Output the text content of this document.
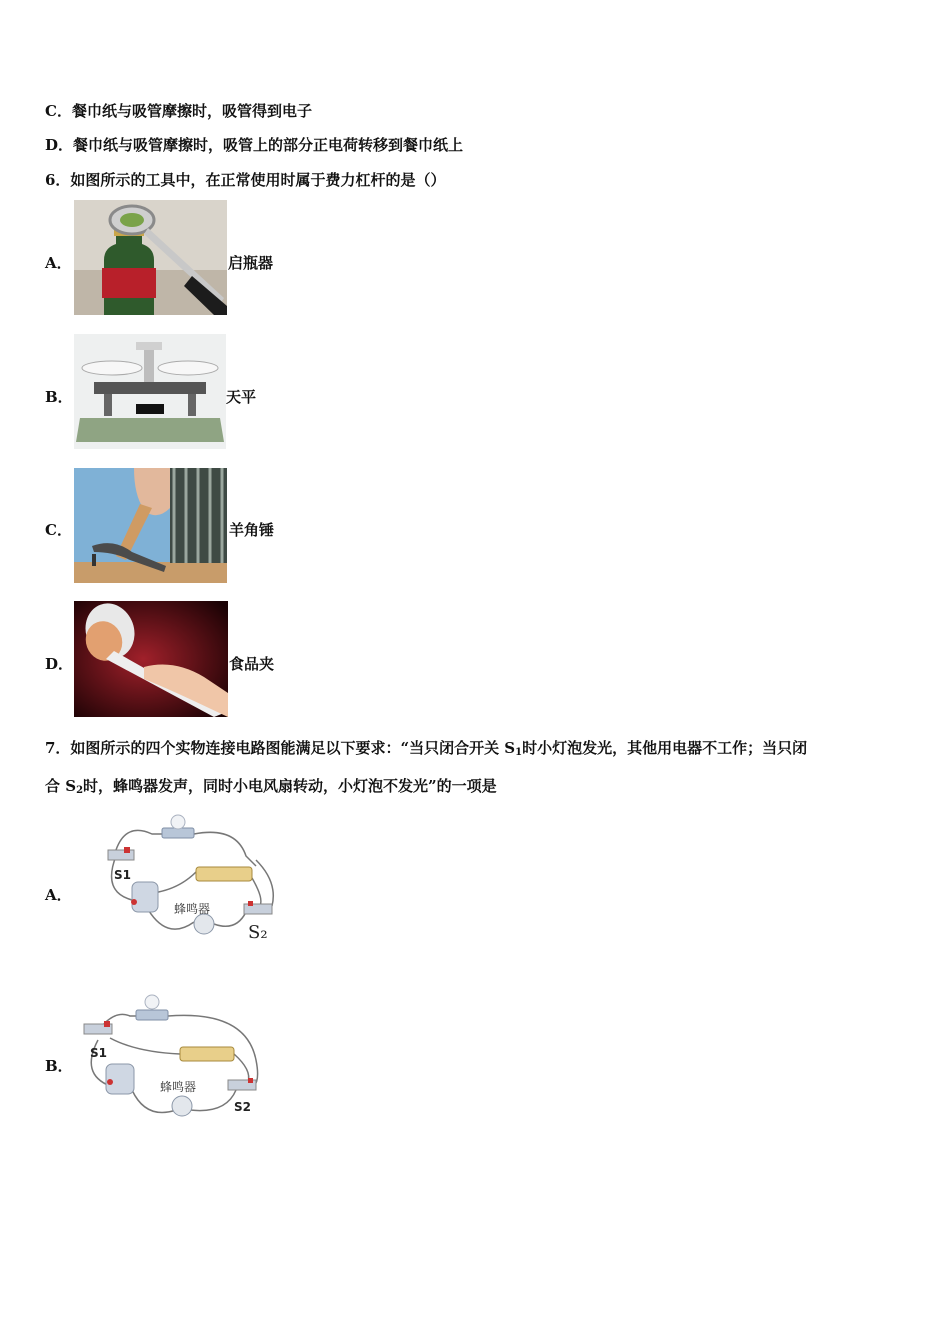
C．餐巾纸与吸管摩擦时，吸管得到电子
D．餐巾纸与吸管摩擦时，吸管上的部分正电荷转移到餐巾纸上
6．如图所示的工具中，在正常使用时属于费力杠杆的是（）
A．	启瓶器
B．	天平
C．	羊角锤
D．	食品夹
7．如图所示的四个实物连接电路图能满足以下要求：“当只闭合开关 $S_1$时小灯泡发光，其他用电器不工作；当只闭
合 $S_2$时，蜂鸣器发声，同时小电风扇转动，小灯泡不发光”的一项是
A．
S1
蜂鸣器
S₂
B．
S1
蜂鸣器
S2
